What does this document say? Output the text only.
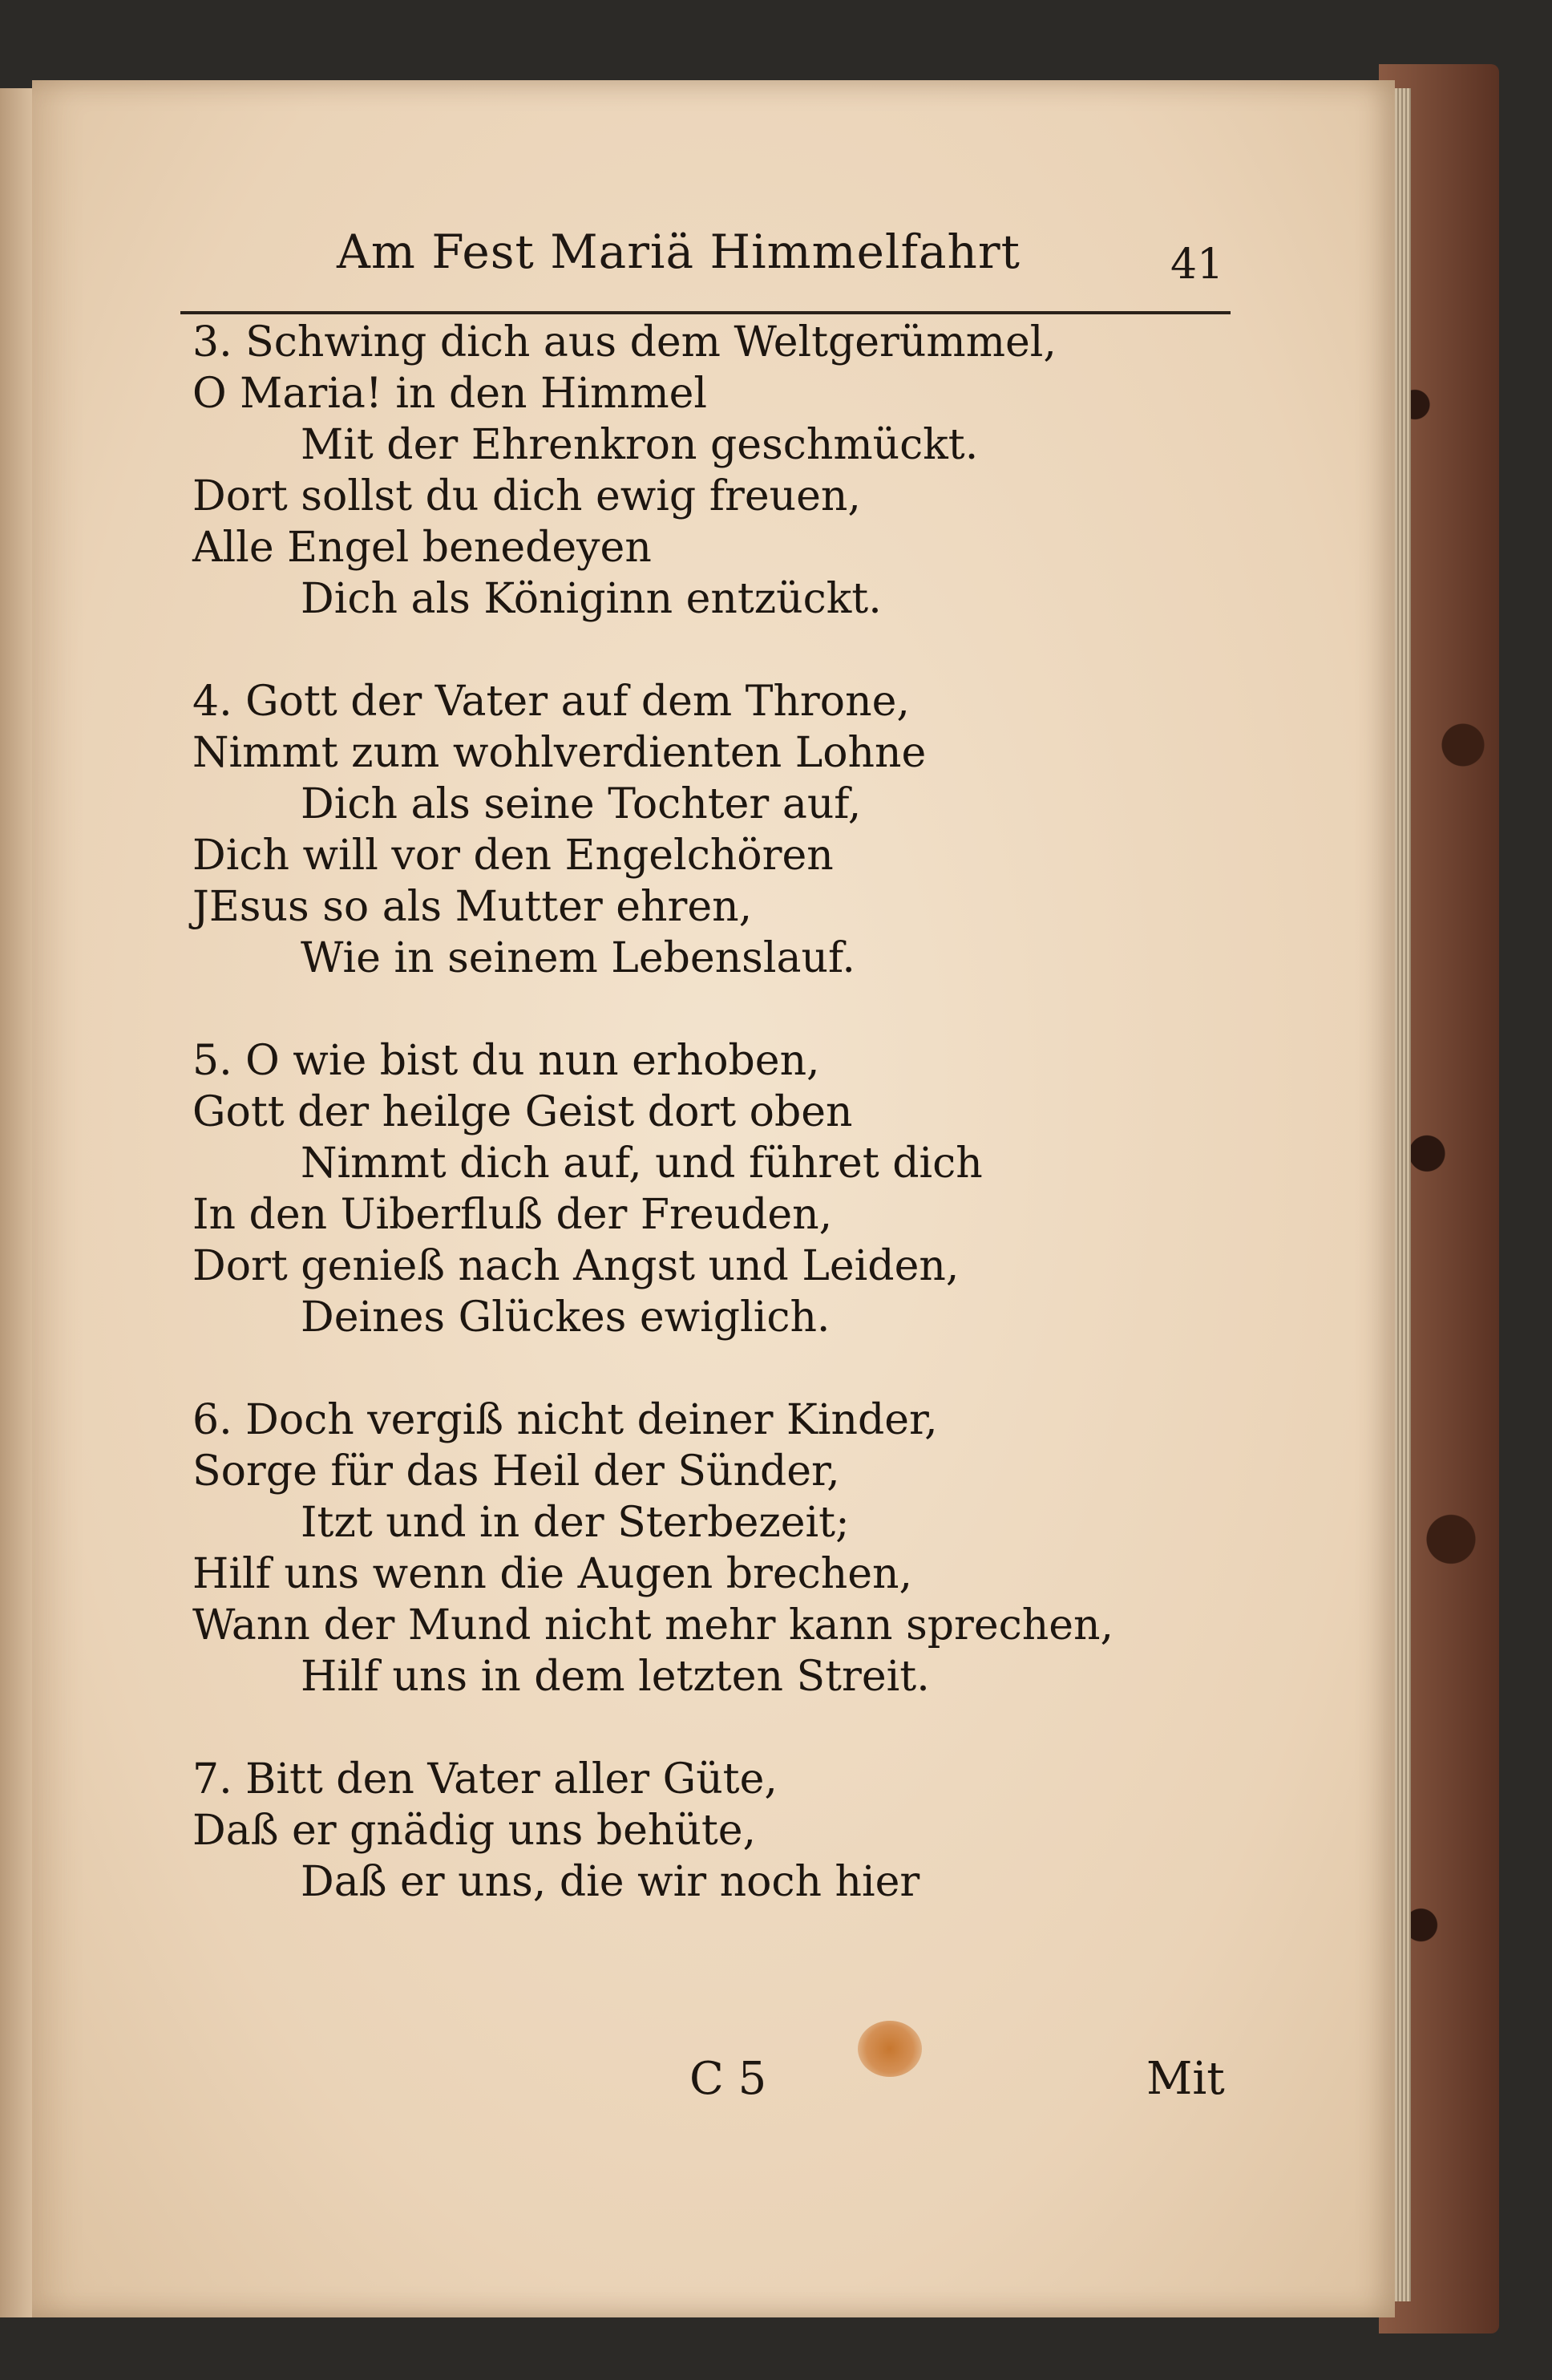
Am Fest Mariä Himmelfahrt	41
3. Schwing dich aus dem Weltgerümmel,
O Maria! in den Himmel
Mit der Ehrenkron geschmückt.
Dort sollst du dich ewig freuen,
Alle Engel benedeyen
Dich als Königinn entzückt.
4. Gott der Vater auf dem Throne,
Nimmt zum wohlverdienten Lohne
Dich als seine Tochter auf,
Dich will vor den Engelchören
JEsus so als Mutter ehren,
Wie in seinem Lebenslauf.
5. O wie bist du nun erhoben,
Gott der heilge Geist dort oben
Nimmt dich auf, und führet dich
In den Uiberfluß der Freuden,
Dort genieß nach Angst und Leiden,
Deines Glückes ewiglich.
6. Doch vergiß nicht deiner Kinder,
Sorge für das Heil der Sünder,
Itzt und in der Sterbezeit;
Hilf uns wenn die Augen brechen,
Wann der Mund nicht mehr kann sprechen,
Hilf uns in dem letzten Streit.
7. Bitt den Vater aller Güte,
Daß er gnädig uns behüte,
Daß er uns, die wir noch hier
C 5	Mit
